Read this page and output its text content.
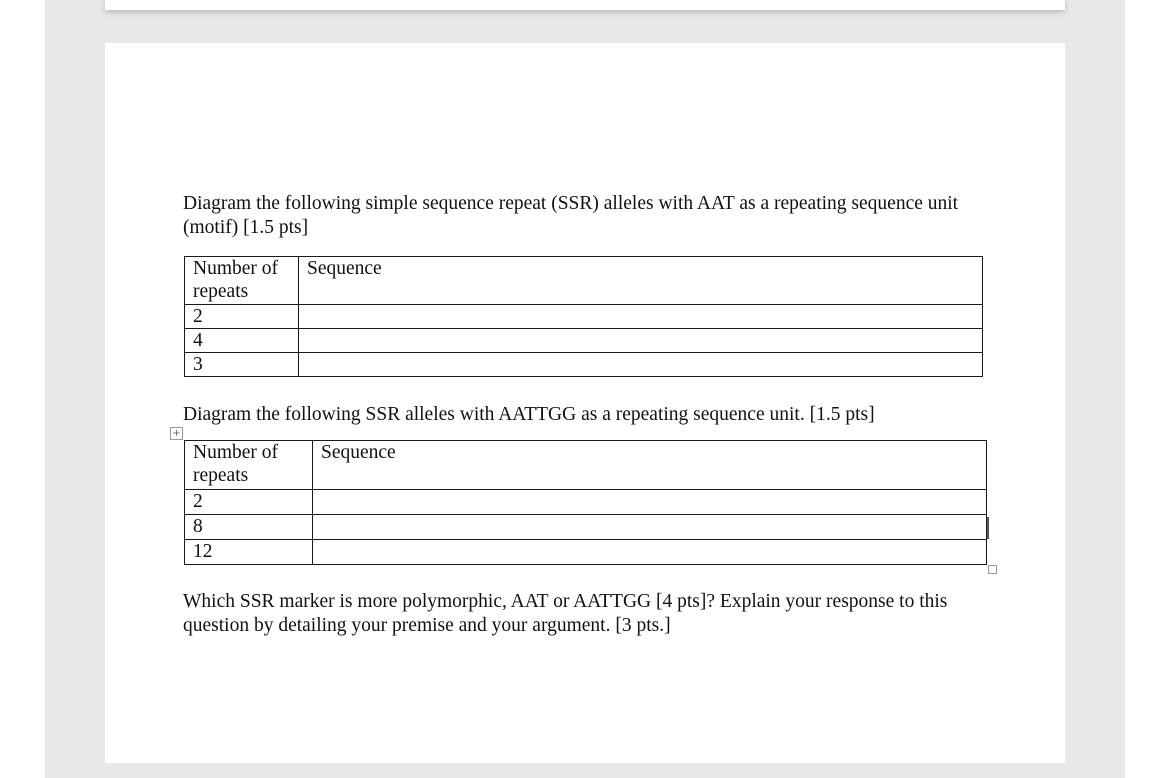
Diagram the following simple sequence repeat (SSR) alleles with AAT as a repeating sequence unit (motif) [1.5 pts]
Number of repeats	Sequence
2	
4	
3	
Diagram the following SSR alleles with AATTGG as a repeating sequence unit. [1.5 pts]
+
Number of repeats	Sequence
2	
8	
12	
Which SSR marker is more polymorphic, AAT or AATTGG [4 pts]? Explain your response to this question by detailing your premise and your argument. [3 pts.]
